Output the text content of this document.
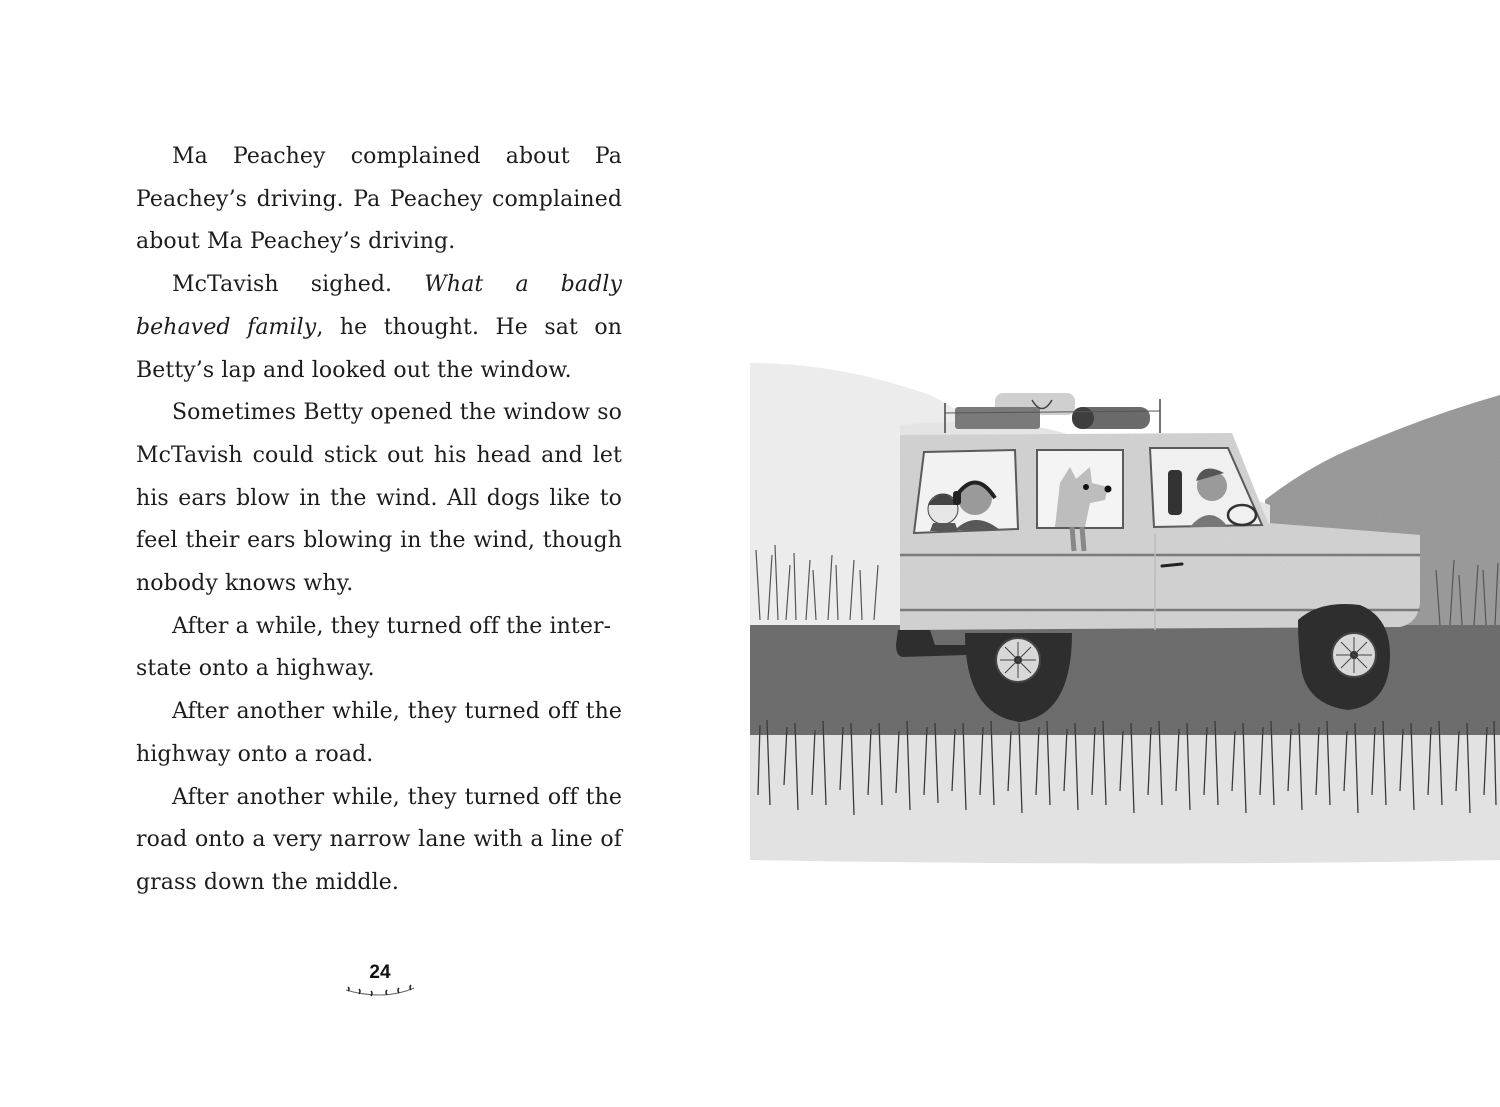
Ma Peachey complained about Pa Peachey’s driving. Pa Peachey complained about Ma Peachey’s driving.

McTavish sighed. What a badly behaved family, he thought. He sat on Betty’s lap and looked out the window.

Sometimes Betty opened the window so McTavish could stick out his head and let his ears blow in the wind. All dogs like to feel their ears blowing in the wind, though nobody knows why.

After a while, they turned off the inter‑
state onto a highway.

After another while, they turned off the highway onto a road.

After another while, they turned off the road onto a very narrow lane with a line of grass down the middle.

24
